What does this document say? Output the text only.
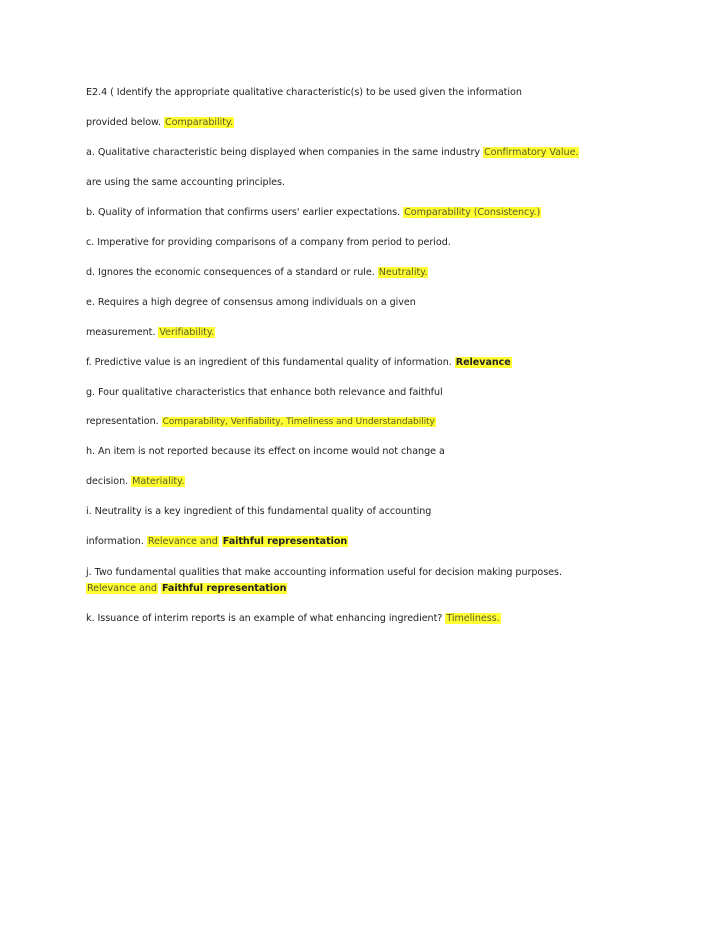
E2.4 ( Identify the appropriate qualitative characteristic(s) to be used given the information
provided below. Comparability.
a. Qualitative characteristic being displayed when companies in the same industry Confirmatory Value.
are using the same accounting principles.
b. Quality of information that confirms users' earlier expectations. Comparability (Consistency.)
c. Imperative for providing comparisons of a company from period to period.
d. Ignores the economic consequences of a standard or rule. Neutrality.
e. Requires a high degree of consensus among individuals on a given
measurement. Verifiability.
f. Predictive value is an ingredient of this fundamental quality of information. Relevance
g. Four qualitative characteristics that enhance both relevance and faithful
representation. Comparability, Verifiability, Timeliness and Understandability
h. An item is not reported because its effect on income would not change a
decision. Materiality.
i. Neutrality is a key ingredient of this fundamental quality of accounting
information. Relevance and Faithful representation
j. Two fundamental qualities that make accounting information useful for decision making purposes.
Relevance and Faithful representation
k. Issuance of interim reports is an example of what enhancing ingredient? Timeliness.
